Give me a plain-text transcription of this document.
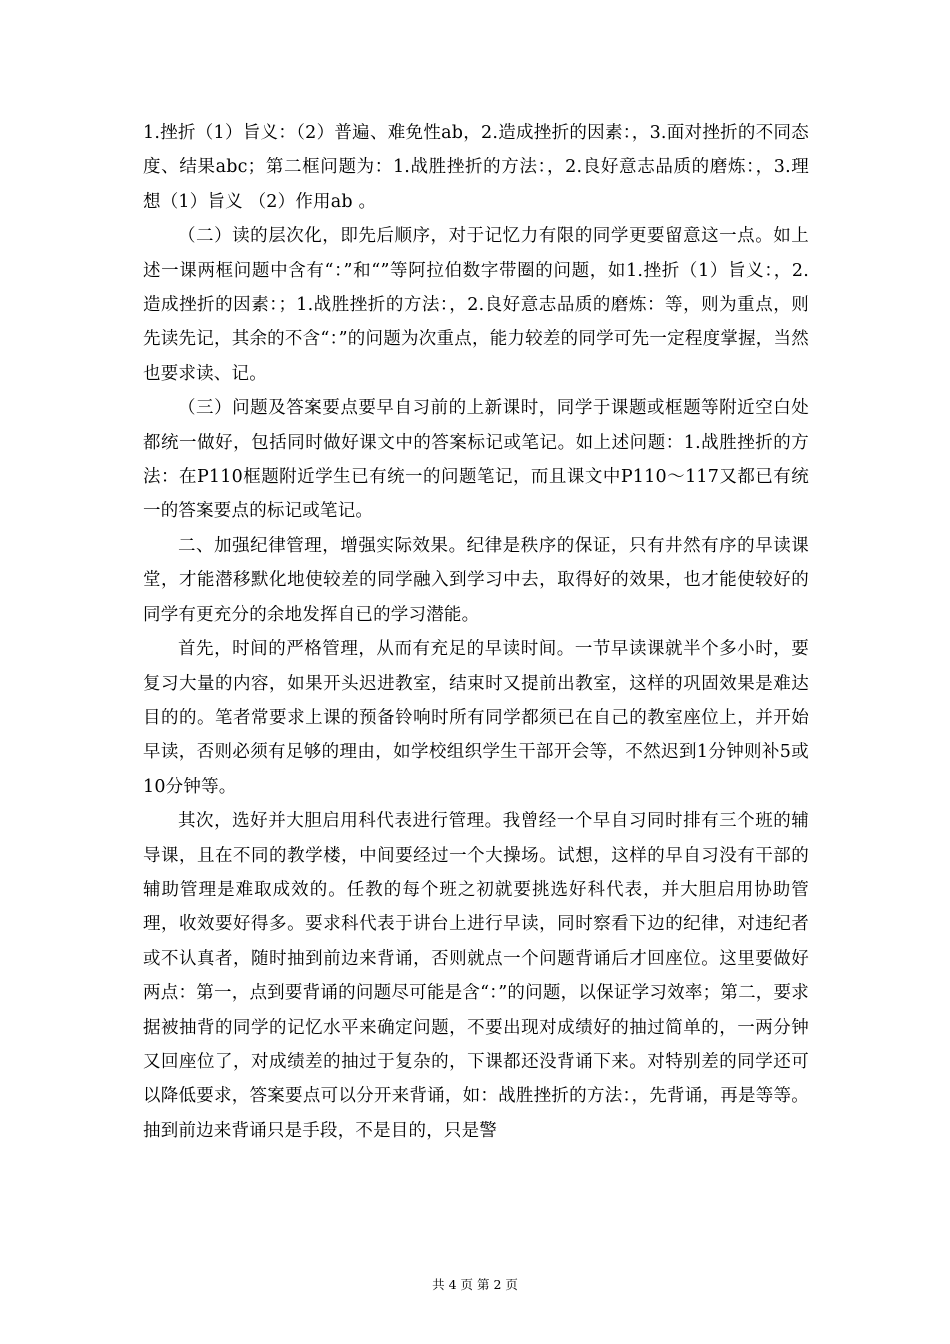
1.挫折（1）旨义：（2）普遍、难免性ab，2.造成挫折的因素：，3.面对挫折的不同态度、结果abc；第二框问题为：1.战胜挫折的方法：，2.良好意志品质的磨炼：，3.理想（1）旨义 （2）作用ab 。

（二）读的层次化，即先后顺序，对于记忆力有限的同学更要留意这一点。如上述一课两框问题中含有“：”和“”等阿拉伯数字带圈的问题，如1.挫折（1）旨义：，2.造成挫折的因素：；1.战胜挫折的方法：，2.良好意志品质的磨炼：等，则为重点，则先读先记，其余的不含“：”的问题为次重点，能力较差的同学可先一定程度掌握，当然也要求读、记。

（三）问题及答案要点要早自习前的上新课时，同学于课题或框题等附近空白处都统一做好，包括同时做好课文中的答案标记或笔记。如上述问题：1.战胜挫折的方法：在P110框题附近学生已有统一的问题笔记，而且课文中P110～117又都已有统一的答案要点的标记或笔记。

二、加强纪律管理，增强实际效果。纪律是秩序的保证，只有井然有序的早读课堂，才能潜移默化地使较差的同学融入到学习中去，取得好的效果，也才能使较好的同学有更充分的余地发挥自已的学习潜能。

首先，时间的严格管理，从而有充足的早读时间。一节早读课就半个多小时，要复习大量的内容，如果开头迟进教室，结束时又提前出教室，这样的巩固效果是难达目的的。笔者常要求上课的预备铃响时所有同学都须已在自己的教室座位上，并开始早读，否则必须有足够的理由，如学校组织学生干部开会等，不然迟到1分钟则补5或10分钟等。

其次，选好并大胆启用科代表进行管理。我曾经一个早自习同时排有三个班的辅导课，且在不同的教学楼，中间要经过一个大操场。试想，这样的早自习没有干部的辅助管理是难取成效的。任教的每个班之初就要挑选好科代表，并大胆启用协助管理，收效要好得多。要求科代表于讲台上进行早读，同时察看下边的纪律，对违纪者或不认真者，随时抽到前边来背诵，否则就点一个问题背诵后才回座位。这里要做好两点：第一，点到要背诵的问题尽可能是含“：”的问题，以保证学习效率；第二，要求据被抽背的同学的记忆水平来确定问题，不要出现对成绩好的抽过简单的，一两分钟又回座位了，对成绩差的抽过于复杂的，下课都还没背诵下来。对特别差的同学还可以降低要求，答案要点可以分开来背诵，如：战胜挫折的方法：，先背诵，再是等等。抽到前边来背诵只是手段，不是目的，只是警

共 4 页 第 2 页
